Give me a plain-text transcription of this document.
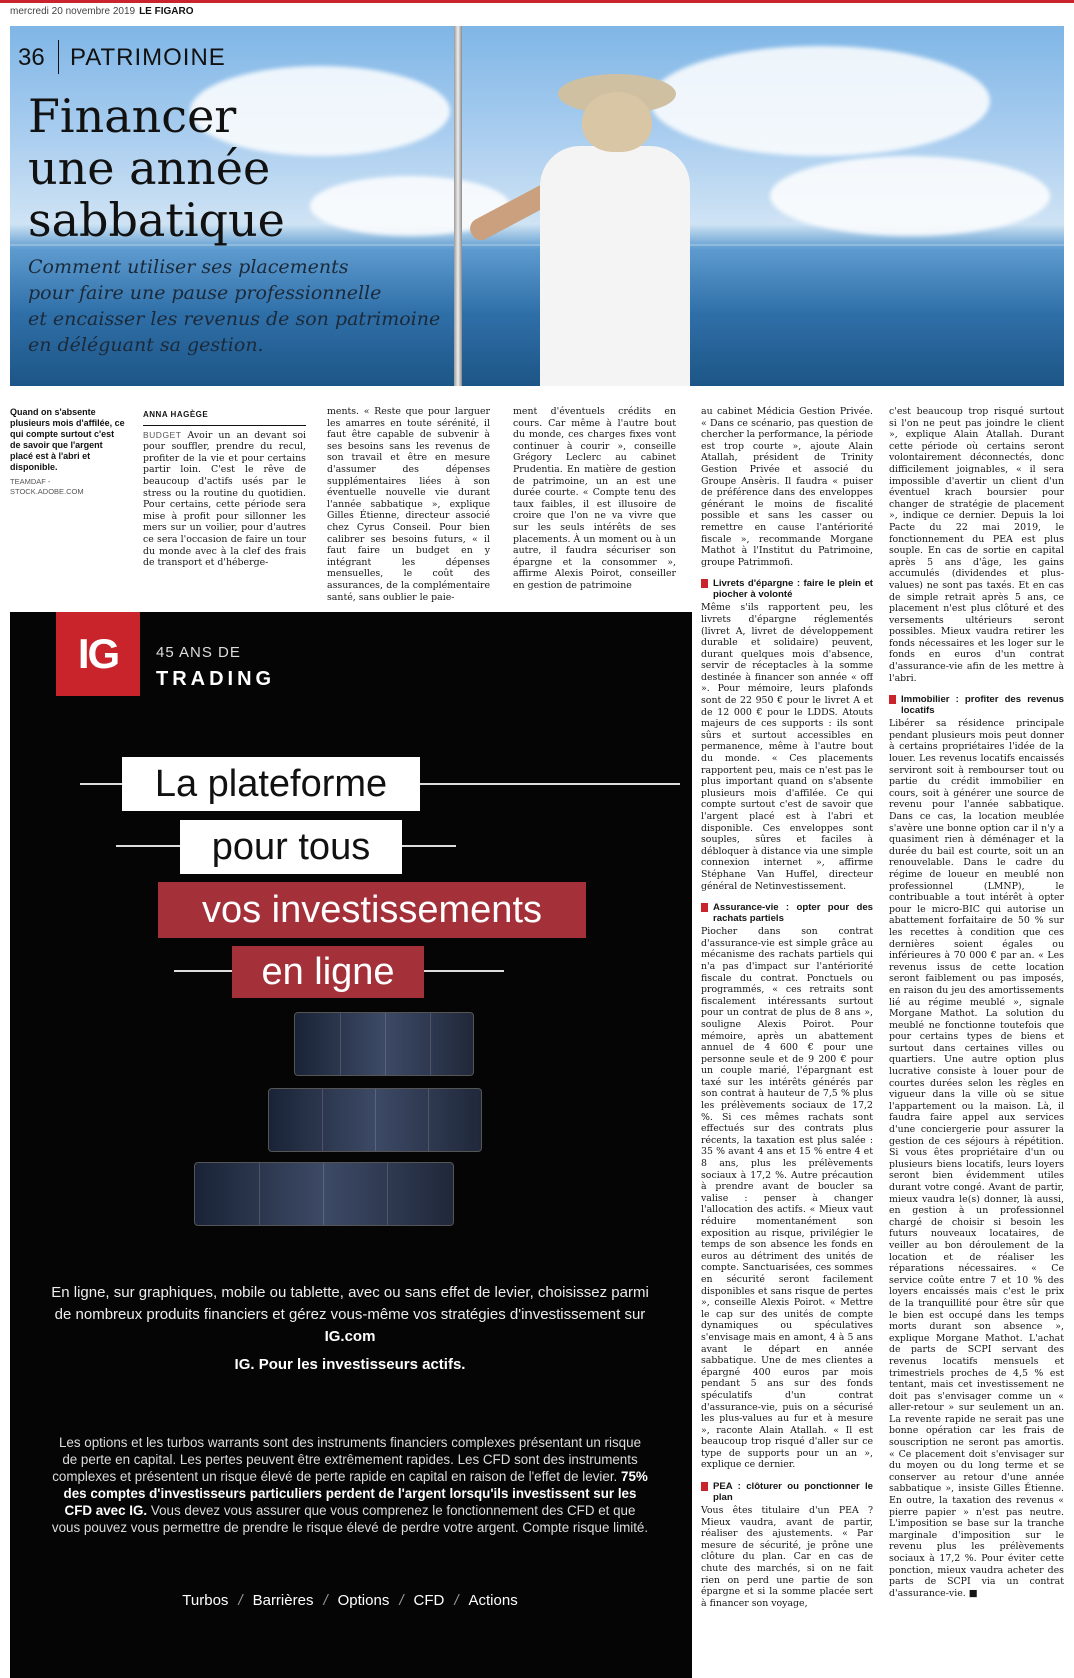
mercredi 20 novembre 2019 LE FIGARO
36 PATRIMOINE
Financer
une année
sabbatique
Comment utiliser ses placements
pour faire une pause professionnelle
et encaisser les revenus de son patrimoine
en déléguant sa gestion.
Quand on s'absente plusieurs mois d'affilée, ce qui compte surtout c'est de savoir que l'argent placé est à l'abri et disponible.
TEAMDAF - STOCK.ADOBE.COM
ANNA HAGÈGE

BUDGET Avoir un an devant soi pour souffler, prendre du recul, profiter de la vie et pour certains partir loin. C'est le rêve de beaucoup d'actifs usés par le stress ou la routine du quotidien. Pour certains, cette période sera mise à profit pour sillonner les mers sur un voilier, pour d'autres ce sera l'occasion de faire un tour du monde avec à la clef des frais de transport et d'héberge-

ments. « Reste que pour larguer les amarres en toute sérénité, il faut être capable de subvenir à ses besoins sans les revenus de son travail et être en mesure d'assumer des dépenses supplémentaires liées à son éventuelle nouvelle vie durant l'année sabbatique », explique Gilles Étienne, directeur associé chez Cyrus Conseil. Pour bien calibrer ses besoins futurs, « il faut faire un budget en y intégrant les dépenses mensuelles, le coût des assurances, de la complémentaire santé, sans oublier le paie-

ment d'éventuels crédits en cours. Car même à l'autre bout du monde, ces charges fixes vont continuer à courir », conseille Grégory Leclerc au cabinet Prudentia. En matière de gestion de patrimoine, un an est une durée courte. « Compte tenu des taux faibles, il est illusoire de croire que l'on ne va vivre que sur les seuls intérêts de ses placements. À un moment ou à un autre, il faudra sécuriser son épargne et la consommer », affirme Alexis Poirot, conseiller en gestion de patrimoine

au cabinet Médicia Gestion Privée. « Dans ce scénario, pas question de chercher la performance, la période est trop courte », ajoute Alain Atallah, président de Trinity Gestion Privée et associé du Groupe Ansèris. Il faudra « puiser de préférence dans des enveloppes générant le moins de fiscalité possible et sans les casser ou remettre en cause l'antériorité fiscale », recommande Morgane Mathot à l'Institut du Patrimoine, groupe Patrimmofi.

Livrets d'épargne : faire le plein et piocher à volonté

Même s'ils rapportent peu, les livrets d'épargne réglementés (livret A, livret de développement durable et solidaire) peuvent, durant quelques mois d'absence, servir de réceptacles à la somme destinée à financer son année « off ». Pour mémoire, leurs plafonds sont de 22 950 € pour le livret A et de 12 000 € pour le LDDS. Atouts majeurs de ces supports : ils sont sûrs et surtout accessibles en permanence, même à l'autre bout du monde. « Ces placements rapportent peu, mais ce n'est pas le plus important quand on s'absente plusieurs mois d'affilée. Ce qui compte surtout c'est de savoir que l'argent placé est à l'abri et disponible. Ces enveloppes sont souples, sûres et faciles à débloquer à distance via une simple connexion internet », affirme Stéphane Van Huffel, directeur général de Netinvestissement.

Assurance-vie : opter pour des rachats partiels

Piocher dans son contrat d'assurance-vie est simple grâce au mécanisme des rachats partiels qui n'a pas d'impact sur l'antériorité fiscale du contrat. Ponctuels ou programmés, « ces retraits sont fiscalement intéressants surtout pour un contrat de plus de 8 ans », souligne Alexis Poirot. Pour mémoire, après un abattement annuel de 4 600 € pour une personne seule et de 9 200 € pour un couple marié, l'épargnant est taxé sur les intérêts générés par son contrat à hauteur de 7,5 % plus les prélèvements sociaux de 17,2 %. Si ces mêmes rachats sont effectués sur des contrats plus récents, la taxation est plus salée : 35 % avant 4 ans et 15 % entre 4 et 8 ans, plus les prélèvements sociaux à 17,2 %. Autre précaution à prendre avant de boucler sa valise : penser à changer l'allocation des actifs. « Mieux vaut réduire momentanément son exposition au risque, privilégier le temps de son absence les fonds en euros au détriment des unités de compte. Sanctuarisées, ces sommes en sécurité seront facilement disponibles et sans risque de pertes », conseille Alexis Poirot. « Mettre le cap sur des unités de compte dynamiques ou spéculatives s'envisage mais en amont, 4 à 5 ans avant le départ en année sabbatique. Une de mes clientes a épargné 400 euros par mois pendant 5 ans sur des fonds spéculatifs d'un contrat d'assurance-vie, puis on a sécurisé les plus-values au fur et à mesure », raconte Alain Atallah. « Il est beaucoup trop risqué d'aller sur ce type de supports pour un an », explique ce dernier.

PEA : clôturer ou ponctionner le plan

Vous êtes titulaire d'un PEA ? Mieux vaudra, avant de partir, réaliser des ajustements. « Par mesure de sécurité, je prône une clôture du plan. Car en cas de chute des marchés, si on ne fait rien on perd une partie de son épargne et si la somme placée sert à financer son voyage,

c'est beaucoup trop risqué surtout si l'on ne peut pas joindre le client », explique Alain Atallah. Durant cette période où certains seront volontairement déconnectés, donc difficilement joignables, « il sera impossible d'avertir un client d'un éventuel krach boursier pour changer de stratégie de placement », indique ce dernier. Depuis la loi Pacte du 22 mai 2019, le fonctionnement du PEA est plus souple. En cas de sortie en capital après 5 ans d'âge, les gains accumulés (dividendes et plus-values) ne sont pas taxés. Et en cas de simple retrait après 5 ans, ce placement n'est plus clôturé et des versements ultérieurs seront possibles. Mieux vaudra retirer les fonds nécessaires et les loger sur le fonds en euros d'un contrat d'assurance-vie afin de les mettre à l'abri.

Immobilier : profiter des revenus locatifs

Libérer sa résidence principale pendant plusieurs mois peut donner à certains propriétaires l'idée de la louer. Les revenus locatifs encaissés serviront soit à rembourser tout ou partie du crédit immobilier en cours, soit à générer une source de revenu pour l'année sabbatique. Dans ce cas, la location meublée s'avère une bonne option car il n'y a quasiment rien à déménager et la durée du bail est courte, soit un an renouvelable. Dans le cadre du régime de loueur en meublé non professionnel (LMNP), le contribuable a tout intérêt à opter pour le micro-BIC qui autorise un abattement forfaitaire de 50 % sur les recettes à condition que ces dernières soient égales ou inférieures à 70 000 € par an. « Les revenus issus de cette location seront faiblement ou pas imposés, en raison du jeu des amortissements lié au régime meublé », signale Morgane Mathot. La solution du meublé ne fonctionne toutefois que pour certains types de biens et surtout dans certaines villes ou quartiers. Une autre option plus lucrative consiste à louer pour de courtes durées selon les règles en vigueur dans la ville où se situe l'appartement ou la maison. Là, il faudra faire appel aux services d'une conciergerie pour assurer la gestion de ces séjours à répétition. Si vous êtes propriétaire d'un ou plusieurs biens locatifs, leurs loyers seront bien évidemment utiles durant votre congé. Avant de partir, mieux vaudra le(s) donner, là aussi, en gestion à un professionnel chargé de choisir si besoin les futurs nouveaux locataires, de veiller au bon déroulement de la location et de réaliser les réparations nécessaires. « Ce service coûte entre 7 et 10 % des loyers encaissés mais c'est le prix de la tranquillité pour être sûr que le bien est occupé dans les temps morts durant son absence », explique Morgane Mathot. L'achat de parts de SCPI servant des revenus locatifs mensuels et trimestriels proches de 4,5 % est tentant, mais cet investissement ne doit pas s'envisager comme un « aller-retour » sur seulement un an. La revente rapide ne serait pas une bonne opération car les frais de souscription ne seront pas amortis. « Ce placement doit s'envisager sur du moyen ou du long terme et se conserver au retour d'une année sabbatique », insiste Gilles Étienne. En outre, la taxation des revenus « pierre papier » n'est pas neutre. L'imposition se base sur la tranche marginale d'imposition sur le revenu plus les prélèvements sociaux à 17,2 %. Pour éviter cette ponction, mieux vaudra acheter des parts de SCPI via un contrat d'assurance-vie. ■

IG	45 ANS DE
TRADING
La plateforme
pour tous
vos investissements
en ligne
En ligne, sur graphiques, mobile ou tablette, avec ou sans effet de levier, choisissez parmi de nombreux produits financiers et gérez vous-même vos stratégies d'investissement sur IG.com
IG. Pour les investisseurs actifs.
Les options et les turbos warrants sont des instruments financiers complexes présentant un risque de perte en capital. Les pertes peuvent être extrêmement rapides. Les CFD sont des instruments complexes et présentent un risque élevé de perte rapide en capital en raison de l'effet de levier. 75% des comptes d'investisseurs particuliers perdent de l'argent lorsqu'ils investissent sur les CFD avec IG. Vous devez vous assurer que vous comprenez le fonctionnement des CFD et que vous pouvez vous permettre de prendre le risque élevé de perdre votre argent. Compte risque limité.
Turbos / Barrières / Options / CFD / Actions
